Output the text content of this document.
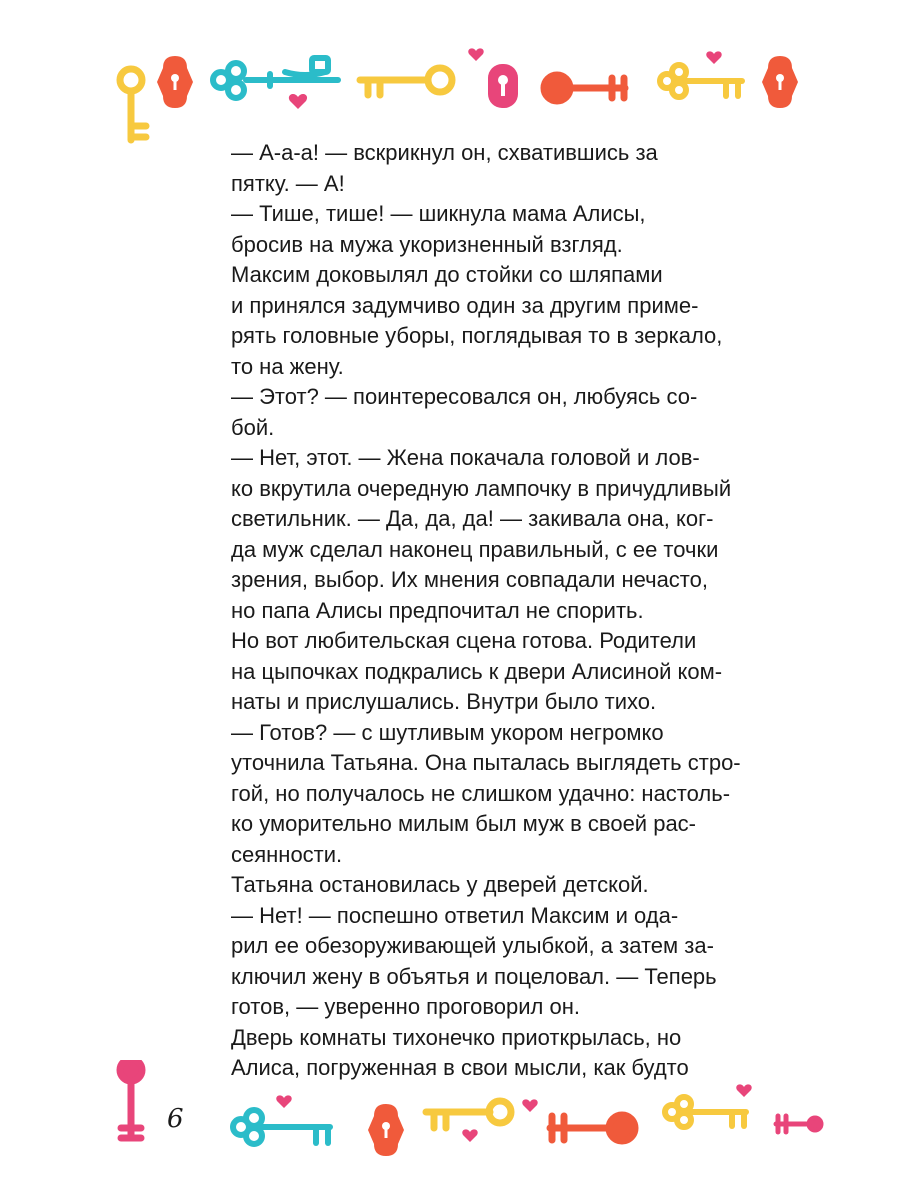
— А-а-а! — вскрикнул он, схватившись за
пятку. — А!

— Тише, тише! — шикнула мама Алисы,
бросив на мужа укоризненный взгляд.

Максим доковылял до стойки со шляпами
и принялся задумчиво один за другим приме-
рять головные уборы, поглядывая то в зеркало,
то на жену.

— Этот? — поинтересовался он, любуясь со-
бой.

— Нет, этот. — Жена покачала головой и лов-
ко вкрутила очередную лампочку в причудливый
светильник. — Да, да, да! — закивала она, ког-
да муж сделал наконец правильный, с ее точки
зрения, выбор. Их мнения совпадали нечасто,
но папа Алисы предпочитал не спорить.

Но вот любительская сцена готова. Родители
на цыпочках подкрались к двери Алисиной ком-
наты и прислушались. Внутри было тихо.

— Готов? — с шутливым укором негромко
уточнила Татьяна. Она пыталась выглядеть стро-
гой, но получалось не слишком удачно: настоль-
ко уморительно милым был муж в своей рас-
сеянности.

Татьяна остановилась у дверей детской.

— Нет! — поспешно ответил Максим и ода-
рил ее обезоруживающей улыбкой, а затем за-
ключил жену в объятья и поцеловал. — Теперь
готов, — уверенно проговорил он.

Дверь комнаты тихонечко приоткрылась, но
Алиса, погруженная в свои мысли, как будто

6
